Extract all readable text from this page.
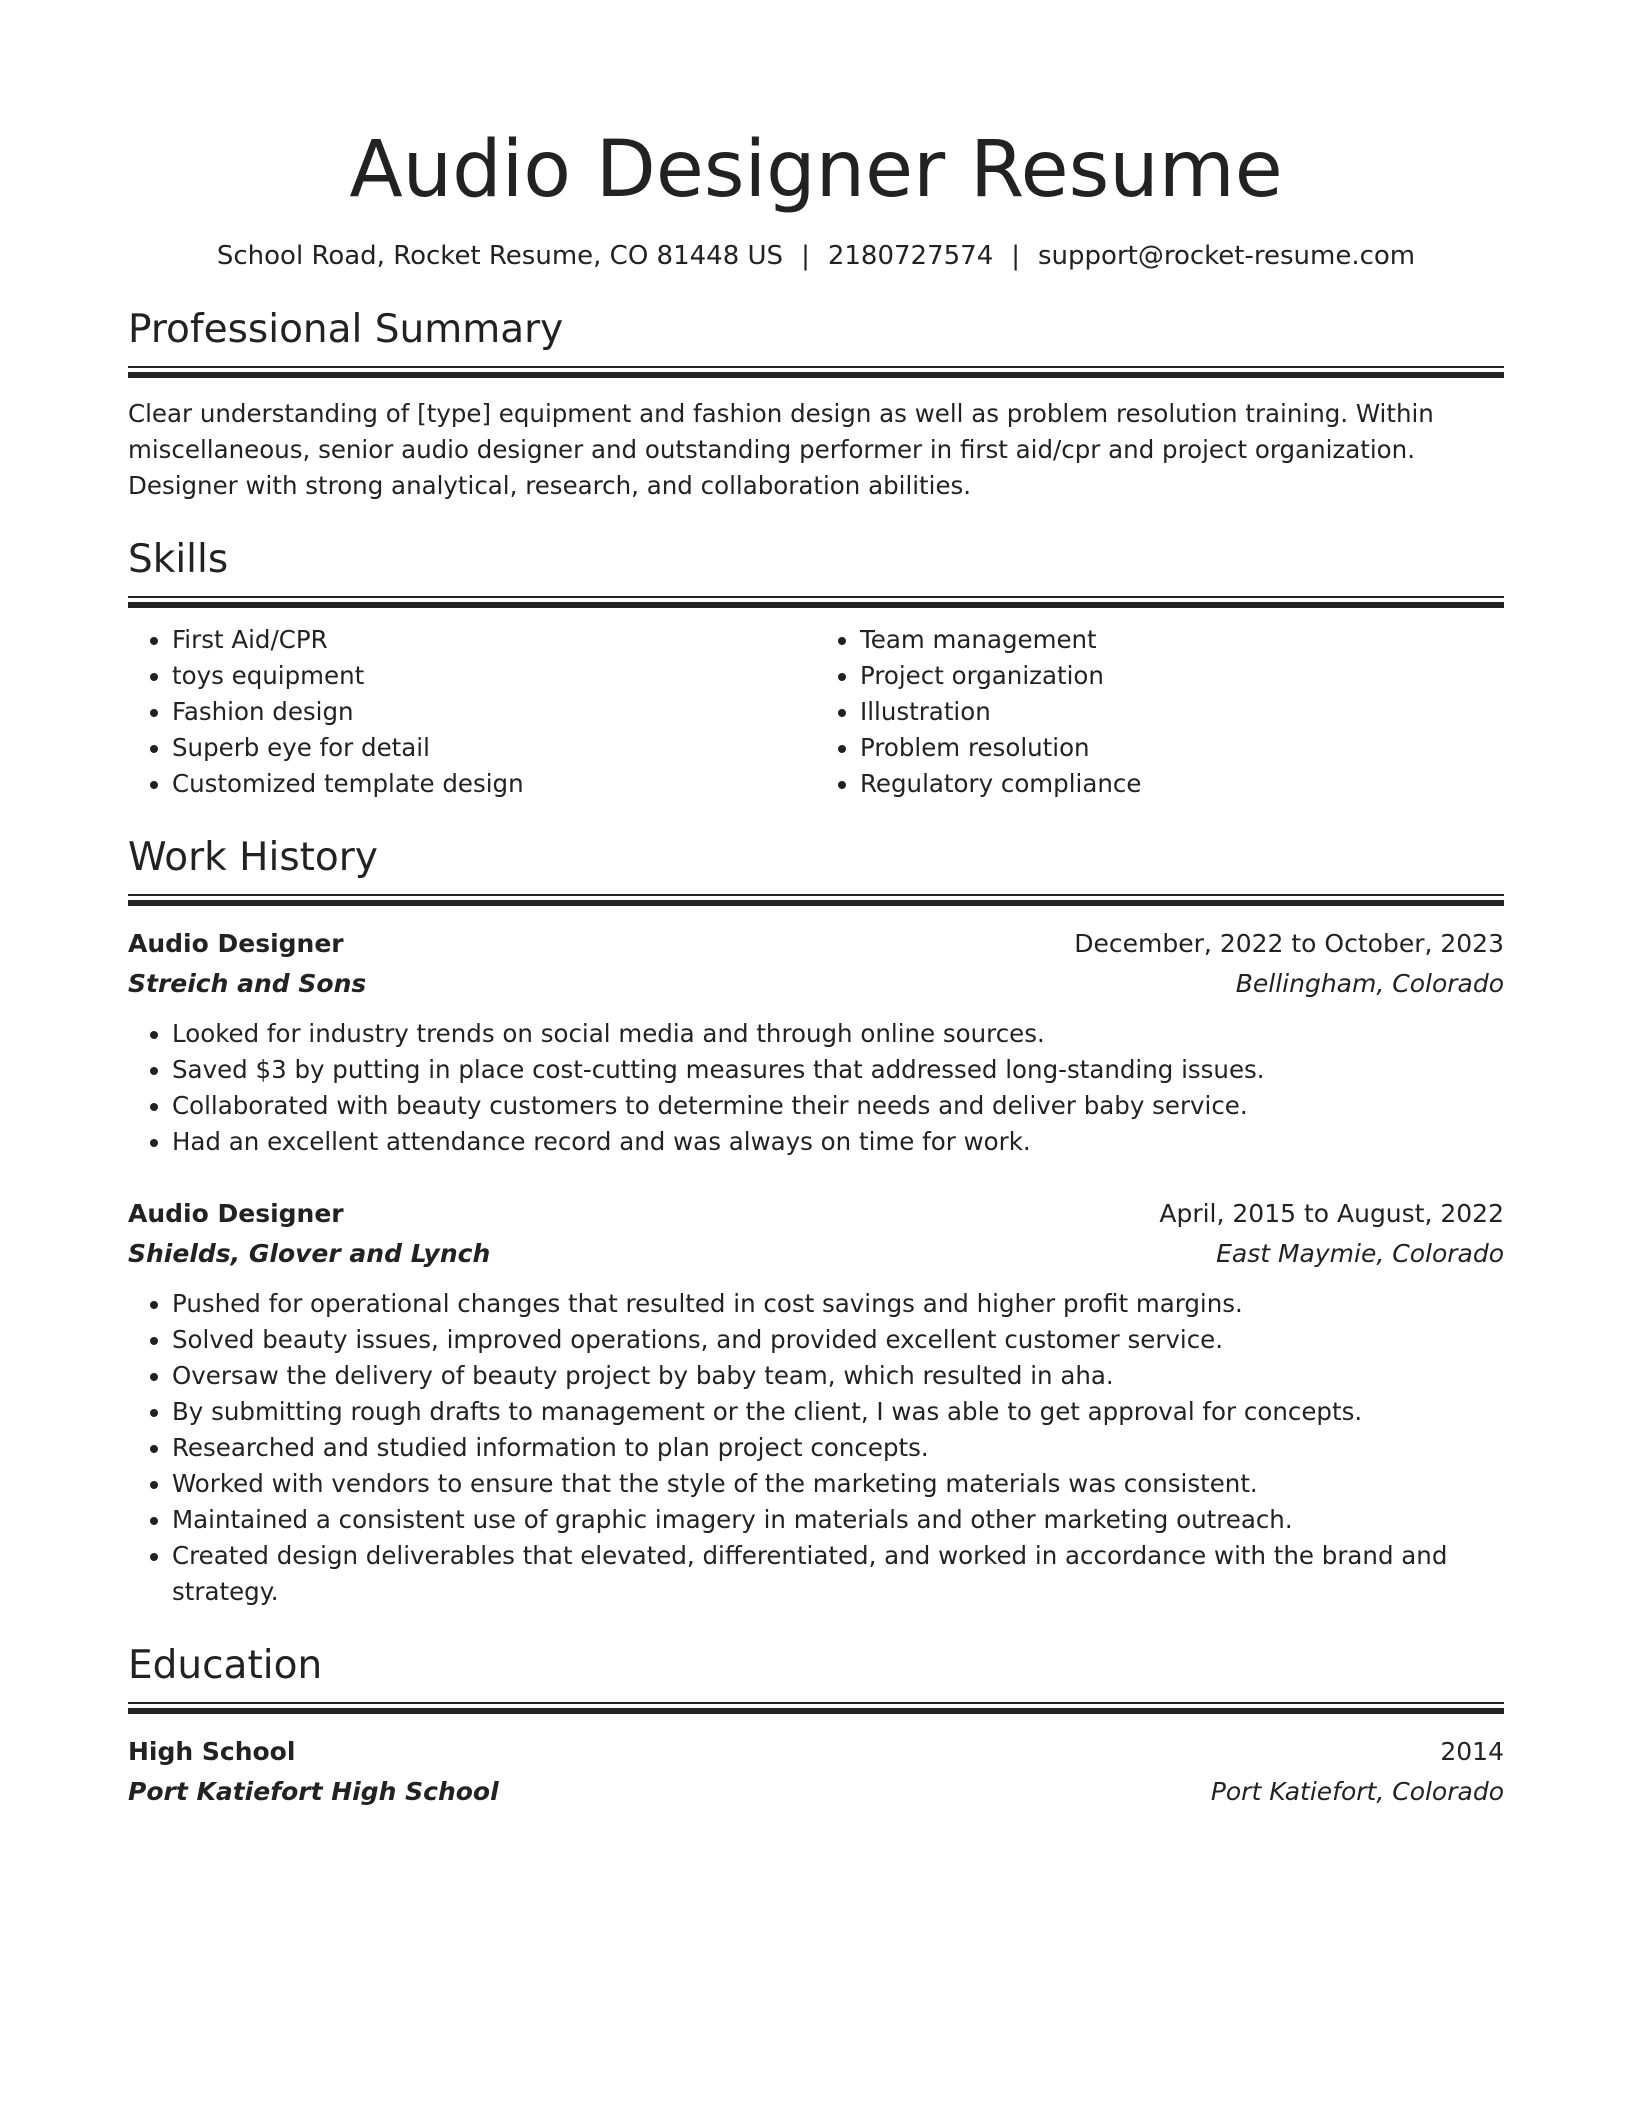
Audio Designer Resume
School Road, Rocket Resume, CO 81448 US | 2180727574 | support@rocket-resume.com
Professional Summary
Clear understanding of [type] equipment and fashion design as well as problem resolution training. Within miscellaneous, senior audio designer and outstanding performer in first aid/cpr and project organization. Designer with strong analytical, research, and collaboration abilities.
Skills
• First Aid/CPR
• toys equipment
• Fashion design
• Superb eye for detail
• Customized template design
• Team management
• Project organization
• Illustration
• Problem resolution
• Regulatory compliance
Work History
Audio Designer	December, 2022 to October, 2023
Streich and Sons	Bellingham, Colorado
• Looked for industry trends on social media and through online sources.
• Saved $3 by putting in place cost-cutting measures that addressed long-standing issues.
• Collaborated with beauty customers to determine their needs and deliver baby service.
• Had an excellent attendance record and was always on time for work.
Audio Designer	April, 2015 to August, 2022
Shields, Glover and Lynch	East Maymie, Colorado
• Pushed for operational changes that resulted in cost savings and higher profit margins.
• Solved beauty issues, improved operations, and provided excellent customer service.
• Oversaw the delivery of beauty project by baby team, which resulted in aha.
• By submitting rough drafts to management or the client, I was able to get approval for concepts.
• Researched and studied information to plan project concepts.
• Worked with vendors to ensure that the style of the marketing materials was consistent.
• Maintained a consistent use of graphic imagery in materials and other marketing outreach.
• Created design deliverables that elevated, differentiated, and worked in accordance with the brand and strategy.
Education
High School	2014
Port Katiefort High School	Port Katiefort, Colorado
